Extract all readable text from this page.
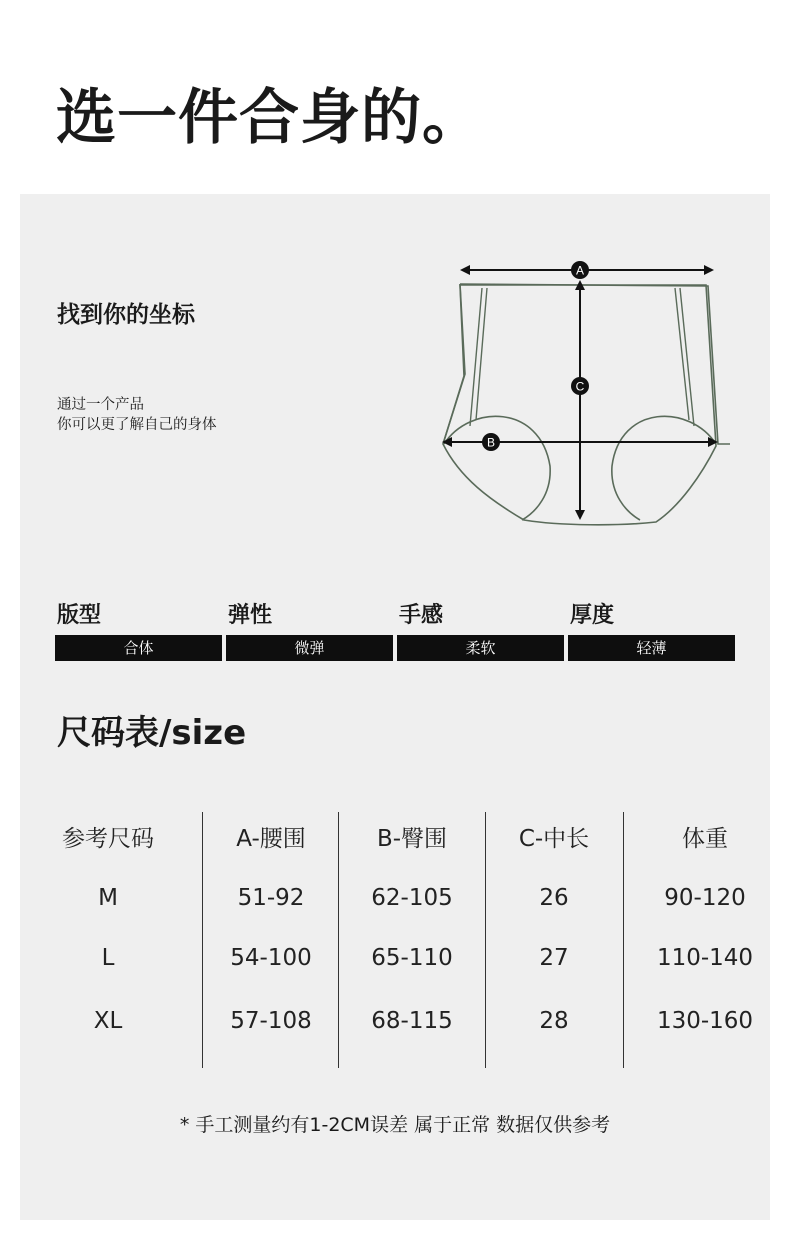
选一件合身的。
找到你的坐标
通过一个产品
你可以更了解自己的身体
A
C
B
版型
合体
弹性
微弹
手感
柔软
厚度
轻薄
尺码表/size
参考尺码
M
L
XL
A-腰围
51-92
54-100
57-108
B-臀围
62-105
65-110
68-115
C-中长
26
27
28
体重
90-120
110-140
130-160
* 手工测量约有1-2CM误差 属于正常 数据仅供参考
